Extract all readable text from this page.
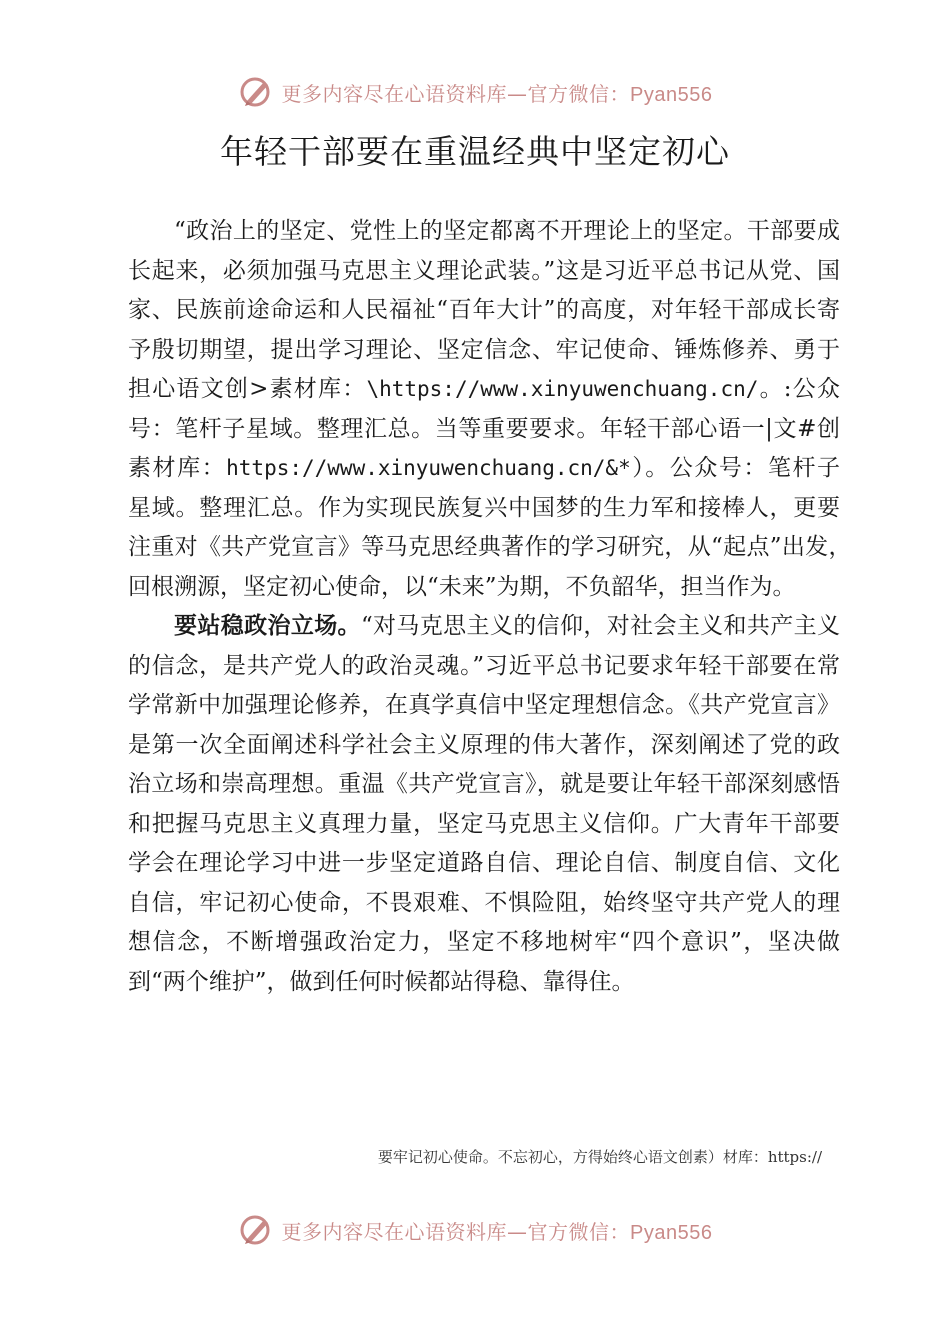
更多内容尽在心语资料库—官方微信：Pyan556
年轻干部要在重温经典中坚定初心

“政治上的坚定、党性上的坚定都离不开理论上的坚定。干部要成长起来，必须加强马克思主义理论武装。”这是习近平总书记从党、国家、民族前途命运和人民福祉“百年大计”的高度，对年轻干部成长寄予殷切期望，提出学习理论、坚定信念、牢记使命、锤炼修养、勇于担心语文创>素材库：\https://www.xinyuwenchuang.cn/。:公众号：笔杆子星域。整理汇总。当等重要要求。年轻干部心语一|文#创素材库：https://www.xinyuwenchuang.cn/&*）。公众号：笔杆子星域。整理汇总。作为实现民族复兴中国梦的生力军和接棒人，更要注重对《共产党宣言》等马克思经典著作的学习研究，从“起点”出发，　回根溯源，坚定初心使命，以“未来”为期，不负韶华，担当作为。

要站稳政治立场。“对马克思主义的信仰，对社会主义和共产主义的信念，是共产党人的政治灵魂。”习近平总书记要求年轻干部要在常学常新中加强理论修养，在真学真信中坚定理想信念。《共产党宣言》是第一次全面阐述科学社会主义原理的伟大著作，深刻阐述了党的政治立场和崇高理想。重温《共产党宣言》，就是要让年轻干部深刻感悟和把握马克思主义真理力量，坚定马克思主义信仰。广大青年干部要学会在理论学习中进一步坚定道路自信、理论自信、制度自信、文化自信，牢记初心使命，不畏艰难、不惧险阻，始终坚守共产党人的理想信念，不断增强政治定力，坚定不移地树牢“四个意识”，坚决做到“两个维护”，做到任何时候都站得稳、靠得住。

要牢记初心使命。不忘初心，方得始终心语文创素）材库：https://
更多内容尽在心语资料库—官方微信：Pyan556
